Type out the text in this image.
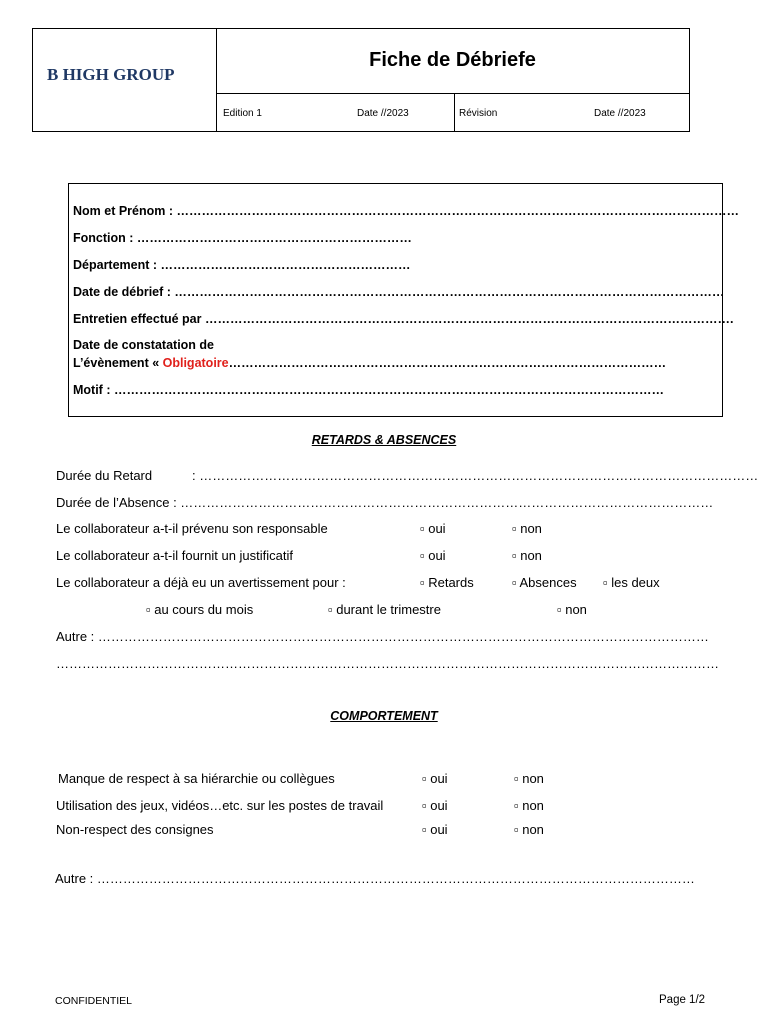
B HIGH GROUP
Fiche de Débriefe
Edition 1	Date //2023	Révision	Date //2023
Nom et Prénom : ………………………………………………………………………………………………………………………
Fonction : …………………………………………………………
Département : ……………………………………………………
Date de débrief : ……………………………………………………………………………………………………………………
Entretien effectué par ……………………………………………………………………………………………………………….
Date de constatation de
L’évènement « Obligatoire……………………………………………………………………………………………
Motif : ……………………………………………………………………………………………………………………
RETARDS & ABSENCES
Durée du Retard	: …………………………………………………………………………………………………………………
Durée de l’Absence : ……………………………………………………………………………………………………………
Le collaborateur a-t-il prévenu son responsable	▫ oui	▫ non
Le collaborateur a-t-il fournit un justificatif	▫ oui	▫ non
Le collaborateur a déjà eu un avertissement pour :	▫ Retards	▫ Absences ▫ les deux
▫ au cours du mois	▫ durant le trimestre	▫ non
Autre : ……………………………………………………………………………………………………………………………
………………………………………………………………………………………………………………………………………
COMPORTEMENT
Manque de respect à sa hiérarchie ou collègues	▫ oui	▫ non
Utilisation des jeux, vidéos…etc. sur les postes de travail	▫ oui	▫ non
Non-respect des consignes	▫ oui	▫ non
Autre : …………………………………………………………………………………………………………………………
CONFIDENTIEL	Page 1/2
